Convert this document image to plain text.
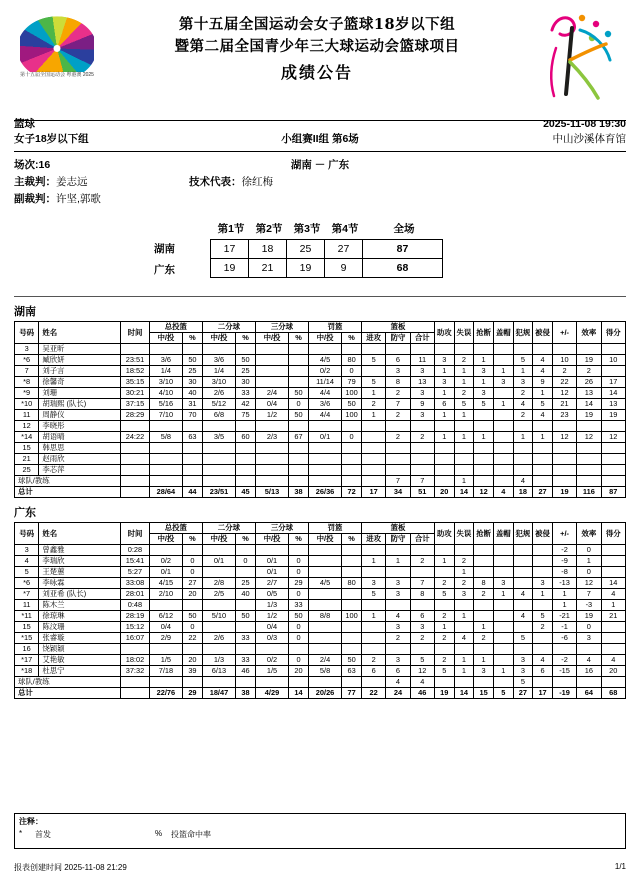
第十五届全国运动会 粤港澳 2025
第十五届全国运动会女子篮球18岁以下组
暨第二届全国青少年三大球运动会篮球项目
成绩公告
篮球
女子18岁以下组	小组赛II组 第6场
2025-11-08 19:30
中山沙溪体育馆
场次:16	湖南 － 广东
主裁判：姜志远	技术代表：徐红梅
副裁判：许坚,郭歌
第1节 第2节 第3节 第4节	全场
湖南
广东
17	18	25	27	87
19	21	19	9	68
湖南
号码	姓名	时间	总投篮		二分球		三分球		罚篮		篮板			助攻	失误	抢断	盖帽	犯规	被侵	+/-	效率	得分
			中/投	%	中/投	%	中/投	%	中/投	%	进攻	防守	合计									
3	吴亚昕																					
*6	臧欣妍	23:51	3/6	50	3/6	50			4/5	80	5	6	11	3	2	1		5	4	10	19	10
7	刘子言	18:52	1/4	25	1/4	25			0/2	0		3	3	1	1	3	1	1	4	2	2	
*8	徐馨奇	35:15	3/10	30	3/10	30			11/14	79	5	8	13	3	1	1	3	3	9	22	26	17
*9	刘珊	30:21	4/10	40	2/6	33	2/4	50	4/4	100	1	2	3	1	2	3		2	1	12	13	14
*10	胡瑞熙 (队长)	37:15	5/16	31	5/12	42	0/4	0	3/6	50	2	7	9	6	5	5	1	4	5	21	14	13
11	周静仪	28:29	7/10	70	6/8	75	1/2	50	4/4	100	1	2	3	1	1			2	4	23	19	19
12	李晓彤																					
*14	胡语晴	24:22	5/8	63	3/5	60	2/3	67	0/1	0		2	2	1	1	1		1	1	12	12	12
15	韩思思																					
21	赵雨欣																					
25	李芯萍																					
球队/教练												7	7		1			4				
总计			28/64	44	23/51	45	5/13	38	26/36	72	17	34	51	20	14	12	4	18	27	19	116	87
广东
号码	姓名	时间	总投篮		二分球		三分球		罚篮		篮板			助攻	失误	抢断	盖帽	犯规	被侵	+/-	效率	得分
			中/投	%	中/投	%	中/投	%	中/投	%	进攻	防守	合计									
3	曾鑫雅	0:28																		-2	0	
4	李瑞欣	15:41	0/2	0	0/1	0	0/1	0			1	1	2	1	2					-9	1	
5	王楚蕙	5:27	0/1	0			0/1	0							1					-8	0	
*6	李咏霖	33:08	4/15	27	2/8	25	2/7	29	4/5	80	3	3	7	2	2	8	3		3	-13	12	14
*7	刘亚希 (队长)	28:01	2/10	20	2/5	40	0/5	0			5	3	8	5	3	2	1	4	1	1	7	4
11	陈木兰	0:48					1/3	33												1	-3	1
*11	徐琼琳	28:19	6/12	50	5/10	50	1/2	50	8/8	100	1	4	6	2	1			4	5	-21	19	21
15	陈汶珊	15:12	0/4	0			0/4	0				3	3	1		1			2	-1	0	
*15	张睿璇	16:07	2/9	22	2/6	33	0/3	0				2	2	2	4	2		5		-6	3	
16	饶颖颖																					
*17	艾艳敏	18:02	1/5	20	1/3	33	0/2	0	2/4	50	2	3	5	2	1	1		3	4	-2	4	4
*18	杜思宁	37:32	7/18	39	6/13	46	1/5	20	5/8	63	6	6	12	5	1	3	1	3	6	-15	16	20
球队/教练												4	4					5				
总计			22/76	29	18/47	38	4/29	14	20/26	77	22	24	46	19	14	15	5	27	17	-19	64	68
注释：
*	首发	%	投篮命中率
报表创建时间 2025-11-08 21:29	1/1
